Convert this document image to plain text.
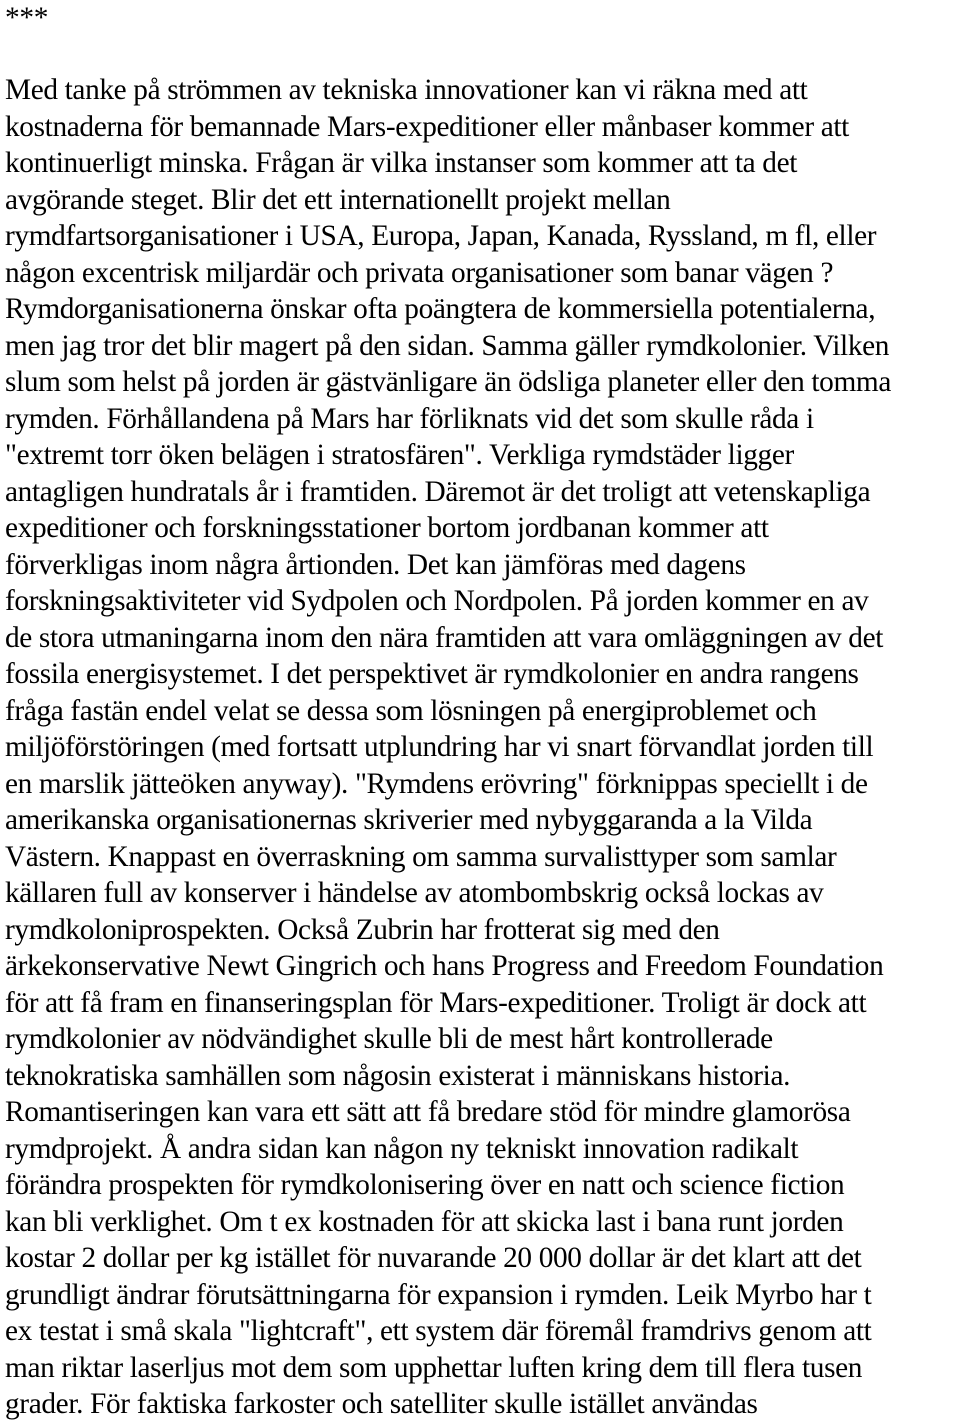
***
Med tanke på strömmen av tekniska innovationer kan vi räkna med att
kostnaderna för bemannade Mars-expeditioner eller månbaser kommer att
kontinuerligt minska. Frågan är vilka instanser som kommer att ta det
avgörande steget. Blir det ett internationellt projekt mellan
rymdfartsorganisationer i USA, Europa, Japan, Kanada, Ryssland, m fl, eller
någon excentrisk miljardär och privata organisationer som banar vägen ?
Rymdorganisationerna önskar ofta poängtera de kommersiella potentialerna,
men jag tror det blir magert på den sidan. Samma gäller rymdkolonier. Vilken
slum som helst på jorden är gästvänligare än ödsliga planeter eller den tomma
rymden. Förhållandena på Mars har förliknats vid det som skulle råda i
"extremt torr öken belägen i stratosfären". Verkliga rymdstäder ligger
antagligen hundratals år i framtiden. Däremot är det troligt att vetenskapliga
expeditioner och forskningsstationer bortom jordbanan kommer att
förverkligas inom några årtionden. Det kan jämföras med dagens
forskningsaktiviteter vid Sydpolen och Nordpolen. På jorden kommer en av
de stora utmaningarna inom den nära framtiden att vara omläggningen av det
fossila energisystemet. I det perspektivet är rymdkolonier en andra rangens
fråga fastän endel velat se dessa som lösningen på energiproblemet och
miljöförstöringen (med fortsatt utplundring har vi snart förvandlat jorden till
en marslik jätteöken anyway). "Rymdens erövring" förknippas speciellt i de
amerikanska organisationernas skriverier med nybyggaranda a la Vilda
Västern. Knappast en överraskning om samma survalisttyper som samlar
källaren full av konserver i händelse av atombombskrig också lockas av
rymdkoloniprospekten. Också Zubrin har frotterat sig med den
ärkekonservative Newt Gingrich och hans Progress and Freedom Foundation
för att få fram en finanseringsplan för Mars-expeditioner. Troligt är dock att
rymdkolonier av nödvändighet skulle bli de mest hårt kontrollerade
teknokratiska samhällen som någosin existerat i människans historia.
Romantiseringen kan vara ett sätt att få bredare stöd för mindre glamorösa
rymdprojekt. Å andra sidan kan någon ny tekniskt innovation radikalt
förändra prospekten för rymdkolonisering över en natt och science fiction
kan bli verklighet. Om t ex kostnaden för att skicka last i bana runt jorden
kostar 2 dollar per kg istället för nuvarande 20 000 dollar är det klart att det
grundligt ändrar förutsättningarna för expansion i rymden. Leik Myrbo har t
ex testat i små skala "lightcraft", ett system där föremål framdrivs genom att
man riktar laserljus mot dem som upphettar luften kring dem till flera tusen
grader. För faktiska farkoster och satelliter skulle istället användas
